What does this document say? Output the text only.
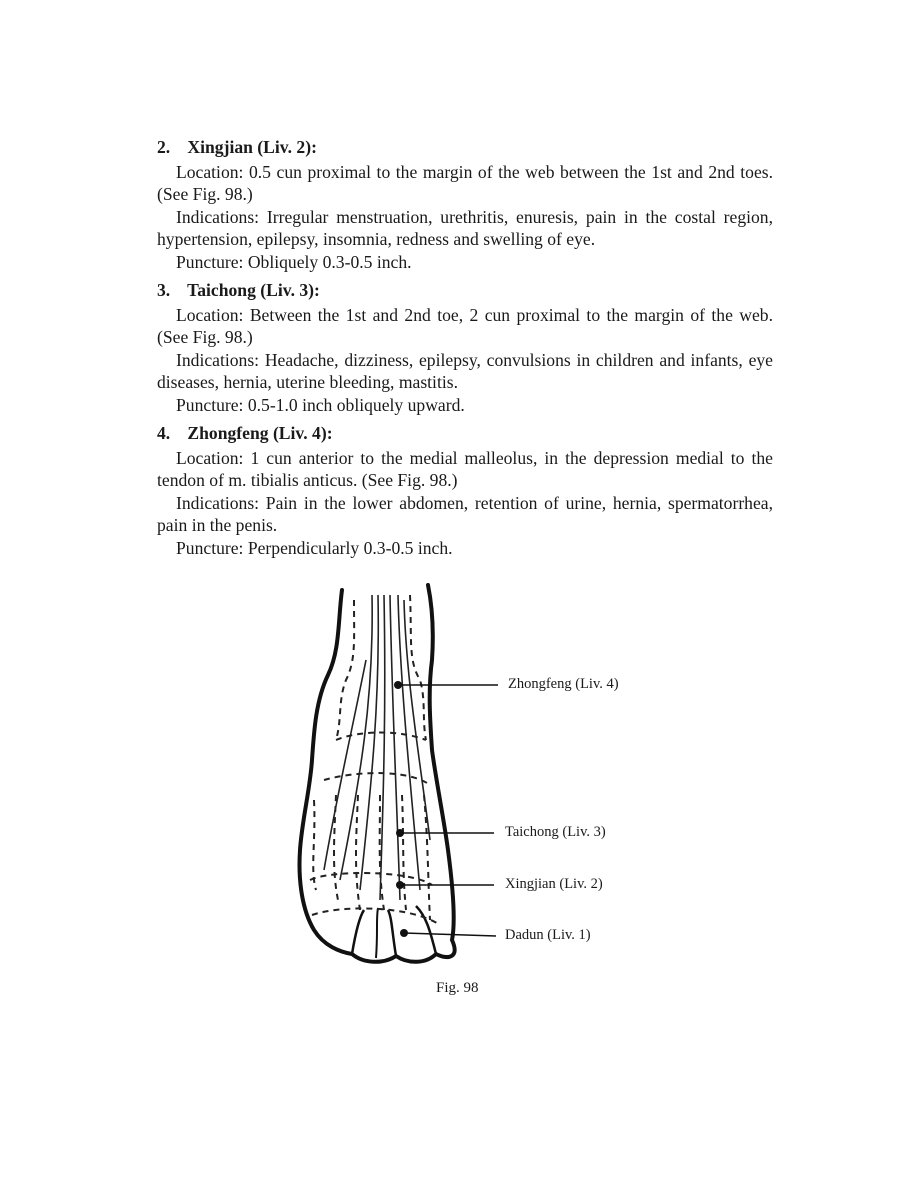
2. Xingjian (Liv. 2):
Location: 0.5 cun proximal to the margin of the web between the 1st and 2nd toes. (See Fig. 98.)
Indications: Irregular menstruation, urethritis, enuresis, pain in the costal region, hypertension, epilepsy, insomnia, redness and swelling of eye.
Puncture: Obliquely 0.3-0.5 inch.
3. Taichong (Liv. 3):
Location: Between the 1st and 2nd toe, 2 cun proximal to the margin of the web. (See Fig. 98.)
Indications: Headache, dizziness, epilepsy, convulsions in children and infants, eye diseases, hernia, uterine bleeding, mastitis.
Puncture: 0.5-1.0 inch obliquely upward.
4. Zhongfeng (Liv. 4):
Location: 1 cun anterior to the medial malleolus, in the depression medial to the tendon of m. tibialis anticus. (See Fig. 98.)
Indications: Pain in the lower abdomen, retention of urine, hernia, spermatorrhea, pain in the penis.
Puncture: Perpendicularly 0.3-0.5 inch.
Zhongfeng (Liv. 4)
Taichong (Liv. 3)
Xingjian (Liv. 2)
Dadun (Liv. 1)
Fig. 98
